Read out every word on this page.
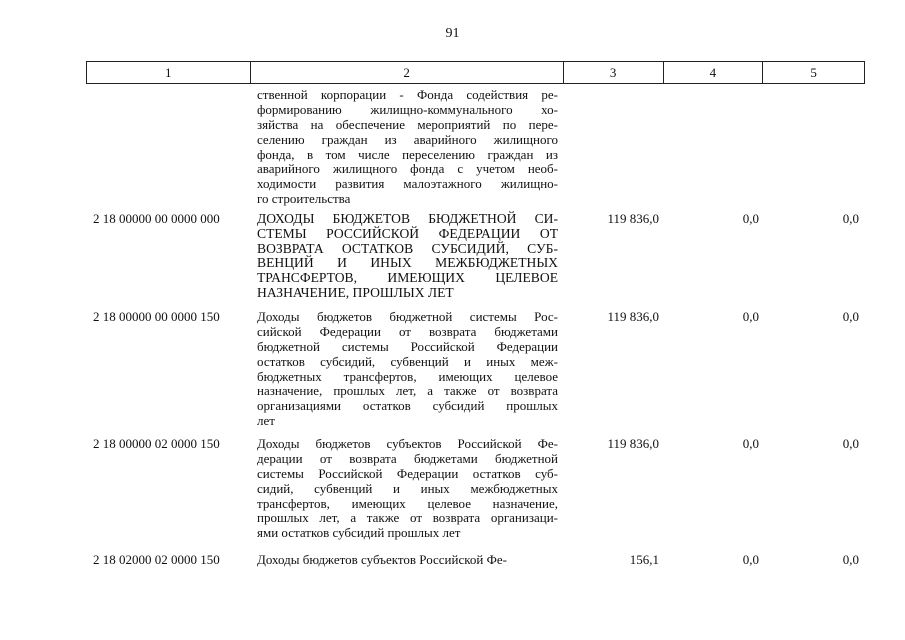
91
1	2	3	4	5
ственной корпорации - Фонда содействия ре-
формированию жилищно-коммунального хо-
зяйства на обеспечение мероприятий по пере-
селению граждан из аварийного жилищного
фонда, в том числе переселению граждан из
аварийного жилищного фонда с учетом необ-
ходимости развития малоэтажного жилищно-
го строительства
2 18 00000 00 0000 000	ДОХОДЫ БЮДЖЕТОВ БЮДЖЕТНОЙ СИ-
СТЕМЫ РОССИЙСКОЙ ФЕДЕРАЦИИ ОТ
ВОЗВРАТА ОСТАТКОВ СУБСИДИЙ, СУБ-
ВЕНЦИЙ И ИНЫХ МЕЖБЮДЖЕТНЫХ
ТРАНСФЕРТОВ, ИМЕЮЩИХ ЦЕЛЕВОЕ
НАЗНАЧЕНИЕ, ПРОШЛЫХ ЛЕТ
119 836,0	0,0	0,0
2 18 00000 00 0000 150	Доходы бюджетов бюджетной системы Рос-
сийской Федерации от возврата бюджетами
бюджетной системы Российской Федерации
остатков субсидий, субвенций и иных меж-
бюджетных трансфертов, имеющих целевое
назначение, прошлых лет, а также от возврата
организациями остатков субсидий прошлых
лет
119 836,0	0,0	0,0
2 18 00000 02 0000 150	Доходы бюджетов субъектов Российской Фе-
дерации от возврата бюджетами бюджетной
системы Российской Федерации остатков суб-
сидий, субвенций и иных межбюджетных
трансфертов, имеющих целевое назначение,
прошлых лет, а также от возврата организаци-
ями остатков субсидий прошлых лет
119 836,0	0,0	0,0
2 18 02000 02 0000 150	Доходы бюджетов субъектов Российской Фе-	156,1	0,0	0,0
